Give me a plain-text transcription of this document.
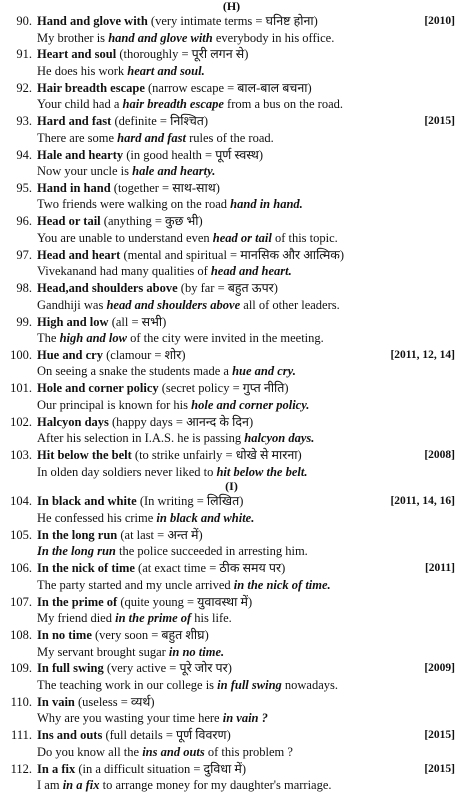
(H)
90. Hand and glove with (very intimate terms = घनिष्ट होना)	[2010]
My brother is hand and glove with everybody in his office.
91. Heart and soul (thoroughly = पूरी लगन से)
He does his work heart and soul.
92. Hair breadth escape (narrow escape = बाल-बाल बचना)
Your child had a hair breadth escape from a bus on the road.
93. Hard and fast (definite = निश्चित)	[2015]
There are some hard and fast rules of the road.
94. Hale and hearty (in good health = पूर्ण स्वस्थ)
Now your uncle is hale and hearty.
95. Hand in hand (together = साथ-साथ)
Two friends were walking on the road hand in hand.
96. Head or tail (anything = कुछ भी)
You are unable to understand even head or tail of this topic.
97. Head and heart (mental and spiritual = मानसिक और आत्मिक)
Vivekanand had many qualities of head and heart.
98. Head,and shoulders above (by far = बहुत ऊपर)
Gandhiji was head and shoulders above all of other leaders.
99. High and low (all = सभी)
The high and low of the city were invited in the meeting.
100. Hue and cry (clamour = शोर)	[2011, 12, 14]
On seeing a snake the students made a hue and cry.
101. Hole and corner policy (secret policy = गुप्त नीति)
Our principal is known for his hole and corner policy.
102. Halcyon days (happy days = आनन्द के दिन)
After his selection in I.A.S. he is passing halcyon days.
103. Hit below the belt (to strike unfairly = धोखे से मारना)	[2008]
In olden day soldiers never liked to hit below the belt.
(I)
104. In black and white (In writing = लिखित)	[2011, 14, 16]
He confessed his crime in black and white.
105. In the long run (at last = अन्त में)
In the long run the police succeeded in arresting him.
106. In the nick of time (at exact time = ठीक समय पर)	[2011]
The party started and my uncle arrived in the nick of time.
107. In the prime of (quite young = युवावस्था में)
My friend died in the prime of his life.
108. In no time (very soon = बहुत शीघ्र)
My servant brought sugar in no time.
109. In full swing (very active = पूरे जोर पर)	[2009]
The teaching work in our college is in full swing nowadays.
110. In vain (useless = व्यर्थ)
Why are you wasting your time here in vain ?
111. Ins and outs (full details = पूर्ण विवरण)	[2015]
Do you know all the ins and outs of this problem ?
112. In a fix (in a difficult situation = दुविधा में)	[2015]
I am in a fix to arrange money for my daughter's marriage.
